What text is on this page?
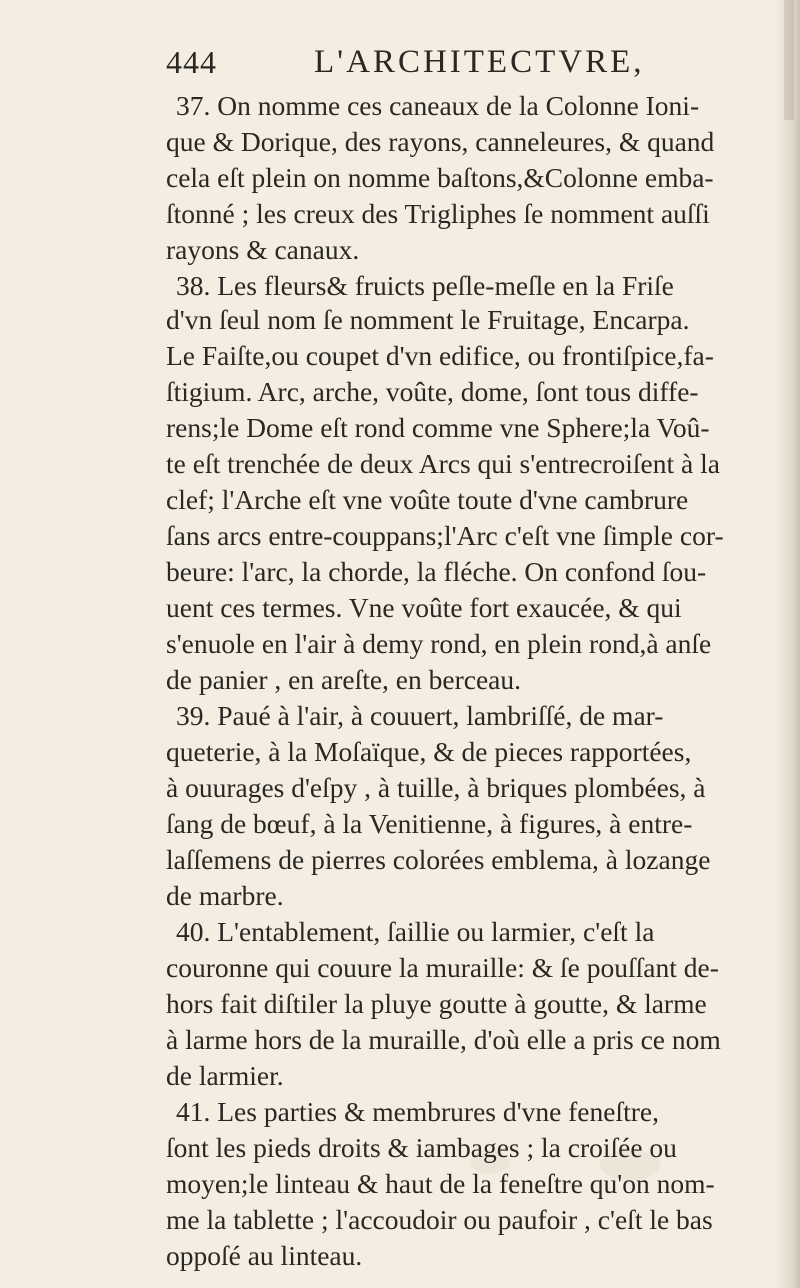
444	L'ARCHITECTVRE,
37. On nomme ces caneaux de la Colonne Ioni-
que & Dorique, des rayons, canneleures, & quand
cela eſt plein on nomme baſtons,&Colonne emba-
ſtonné ; les creux des Trigliphes ſe nomment auſſi
rayons & canaux.
38. Les fleurs& fruicts peſle-meſle en la Friſe
d'vn ſeul nom ſe nomment le Fruitage, Encarpa.
Le Faiſte,ou coupet d'vn edifice, ou frontiſpice,fa-
ſtigium. Arc, arche, voûte, dome, ſont tous diffe-
rens;le Dome eſt rond comme vne Sphere;la Voû-
te eſt trenchée de deux Arcs qui s'entrecroiſent à la
clef; l'Arche eſt vne voûte toute d'vne cambrure
ſans arcs entre-couppans;l'Arc c'eſt vne ſimple cor-
beure: l'arc, la chorde, la fléche. On confond ſou-
uent ces termes. Vne voûte fort exaucée, & qui
s'enuole en l'air à demy rond, en plein rond,à anſe
de panier , en areſte, en berceau.
39. Paué à l'air, à couuert, lambriſſé, de mar-
queterie, à la Moſaïque, & de pieces rapportées,
à ouurages d'eſpy , à tuille, à briques plombées, à
ſang de bœuf, à la Venitienne, à figures, à entre-
laſſemens de pierres colorées emblema, à lozange
de marbre.
40. L'entablement, ſaillie ou larmier, c'eſt la
couronne qui couure la muraille: & ſe pouſſant de-
hors fait diſtiler la pluye goutte à goutte, & larme
à larme hors de la muraille, d'où elle a pris ce nom
de larmier.
41. Les parties & membrures d'vne feneſtre,
ſont les pieds droits & iambages ; la croiſée ou
moyen;le linteau & haut de la feneſtre qu'on nom-
me la tablette ; l'accoudoir ou paufoir , c'eſt le bas
oppoſé au linteau.
